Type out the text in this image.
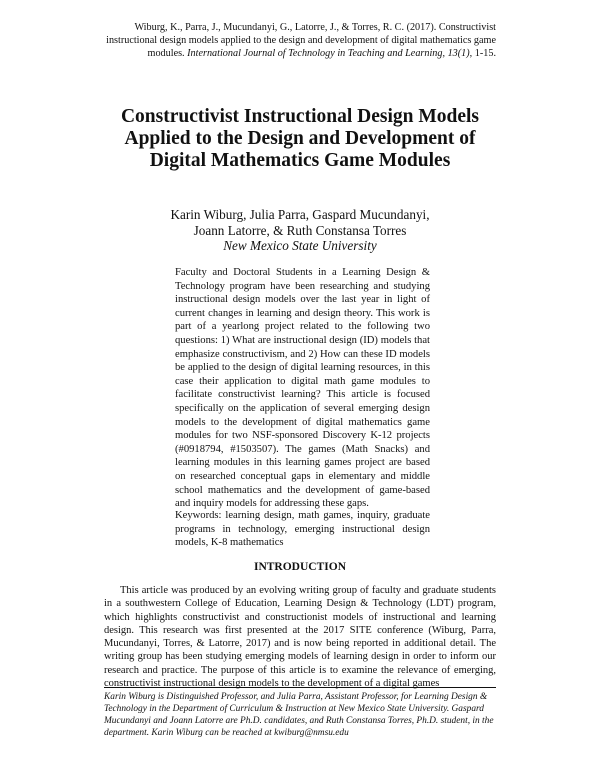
Wiburg, K., Parra, J., Mucundanyi, G., Latorre, J., & Torres, R. C. (2017). Constructivist instructional design models applied to the design and development of digital mathematics game modules. International Journal of Technology in Teaching and Learning, 13(1), 1-15.
Constructivist Instructional Design Models Applied to the Design and Development of Digital Mathematics Game Modules
Karin Wiburg, Julia Parra, Gaspard Mucundanyi,
Joann Latorre, & Ruth Constansa Torres
New Mexico State University

Faculty and Doctoral Students in a Learning Design & Technology program have been researching and studying instructional design models over the last year in light of current changes in learning and design theory. This work is part of a yearlong project related to the following two questions: 1) What are instructional design (ID) models that emphasize constructivism, and 2) How can these ID models be applied to the design of digital learning resources, in this case their application to digital math game modules to facilitate constructivist learning? This article is focused specifically on the application of several emerging design models to the development of digital mathematics game modules for two NSF-sponsored Discovery K-12 projects (#0918794, #1503507). The games (Math Snacks) and learning modules in this learning games project are based on researched conceptual gaps in elementary and middle school mathematics and the development of game-based and inquiry models for addressing these gaps.

Keywords: learning design, math games, inquiry, graduate programs in technology, emerging instructional design models, K-8 mathematics

INTRODUCTION

This article was produced by an evolving writing group of faculty and graduate students in a southwestern College of Education, Learning Design & Technology (LDT) program, which highlights constructivist and constructionist models of instructional and learning design. This research was first presented at the 2017 SITE conference (Wiburg, Parra, Mucundanyi, Torres, & Latorre, 2017) and is now being reported in additional detail. The writing group has been studying emerging models of learning design in order to inform our research and practice. The purpose of this article is to examine the relevance of emerging, constructivist instructional design models to the development of a digital games

Karin Wiburg is Distinguished Professor, and Julia Parra, Assistant Professor, for Learning Design & Technology in the Department of Curriculum & Instruction at New Mexico State University. Gaspard Mucundanyi and Joann Latorre are Ph.D. candidates, and Ruth Constansa Torres, Ph.D. student, in the department. Karin Wiburg can be reached at kwiburg@nmsu.edu
